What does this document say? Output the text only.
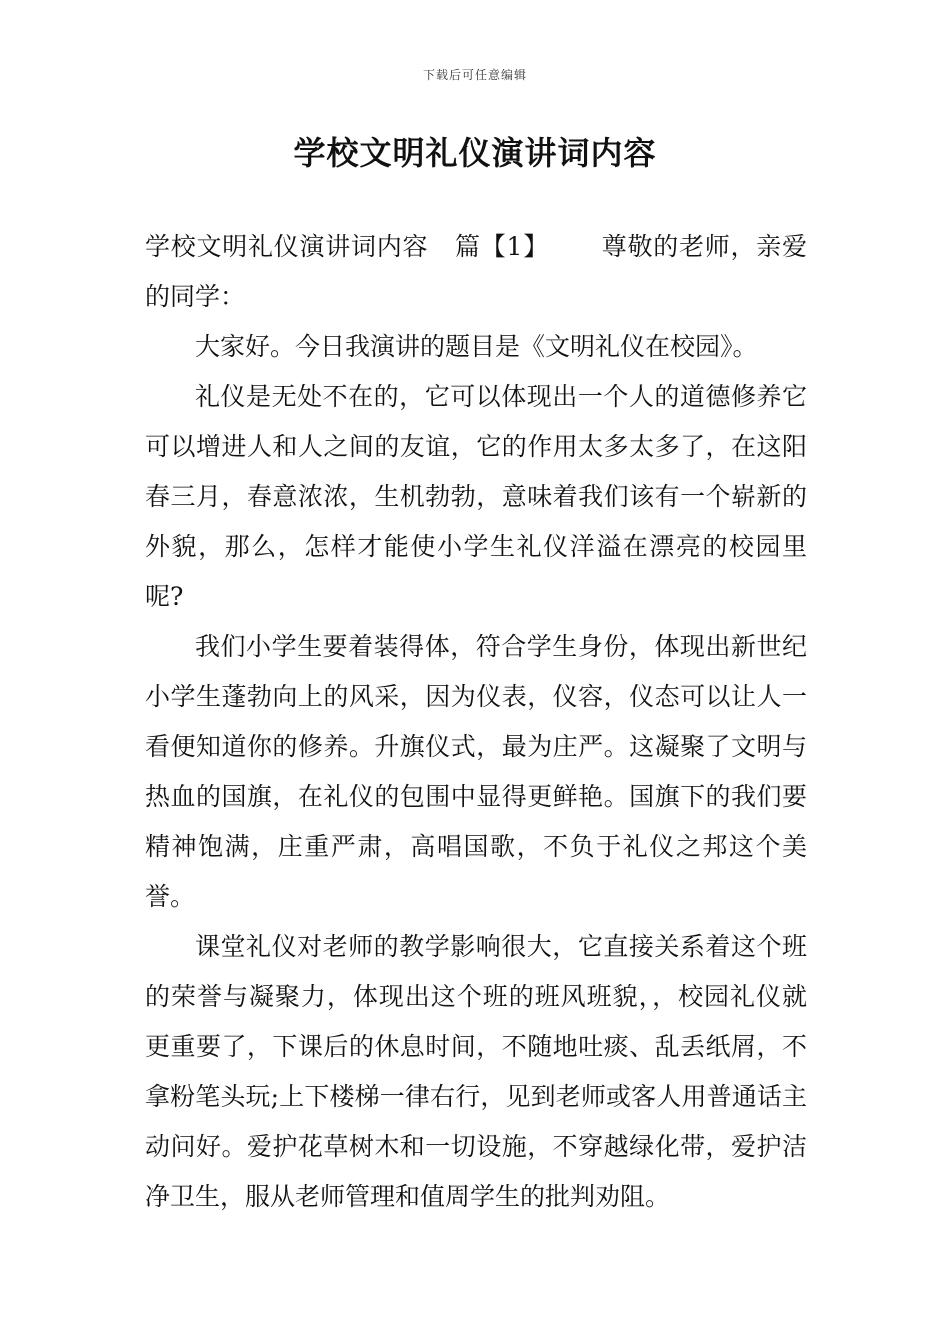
下载后可任意编辑
学校文明礼仪演讲词内容

学校文明礼仪演讲词内容 篇【1】 尊敬的老师，亲爱的同学：

大家好。今日我演讲的题目是《文明礼仪在校园》。

礼仪是无处不在的，它可以体现出一个人的道德修养它可以增进人和人之间的友谊，它的作用太多太多了，在这阳春三月，春意浓浓，生机勃勃，意味着我们该有一个崭新的外貌，那么，怎样才能使小学生礼仪洋溢在漂亮的校园里呢?

我们小学生要着装得体，符合学生身份，体现出新世纪小学生蓬勃向上的风采，因为仪表，仪容，仪态可以让人一看便知道你的修养。升旗仪式，最为庄严。这凝聚了文明与热血的国旗，在礼仪的包围中显得更鲜艳。国旗下的我们要精神饱满，庄重严肃，高唱国歌，不负于礼仪之邦这个美誉。

课堂礼仪对老师的教学影响很大，它直接关系着这个班的荣誉与凝聚力，体现出这个班的班风班貌，，校园礼仪就更重要了，下课后的休息时间，不随地吐痰、乱丢纸屑，不拿粉笔头玩;上下楼梯一律右行，见到老师或客人用普通话主动问好。爱护花草树木和一切设施，不穿越绿化带，爱护洁净卫生，服从老师管理和值周学生的批判劝阻。
